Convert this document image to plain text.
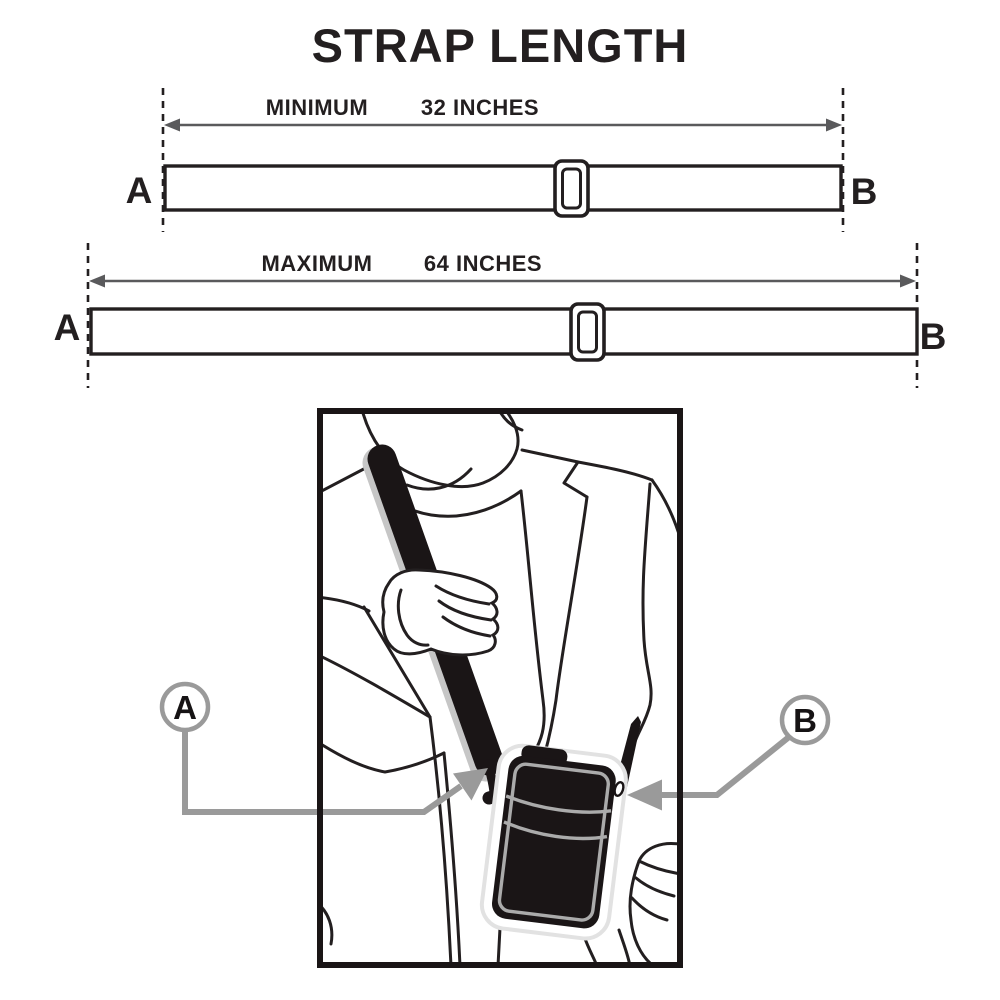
STRAP LENGTH
MINIMUM 32 INCHES
A	B
MAXIMUM 64 INCHES
A	B
A	B
